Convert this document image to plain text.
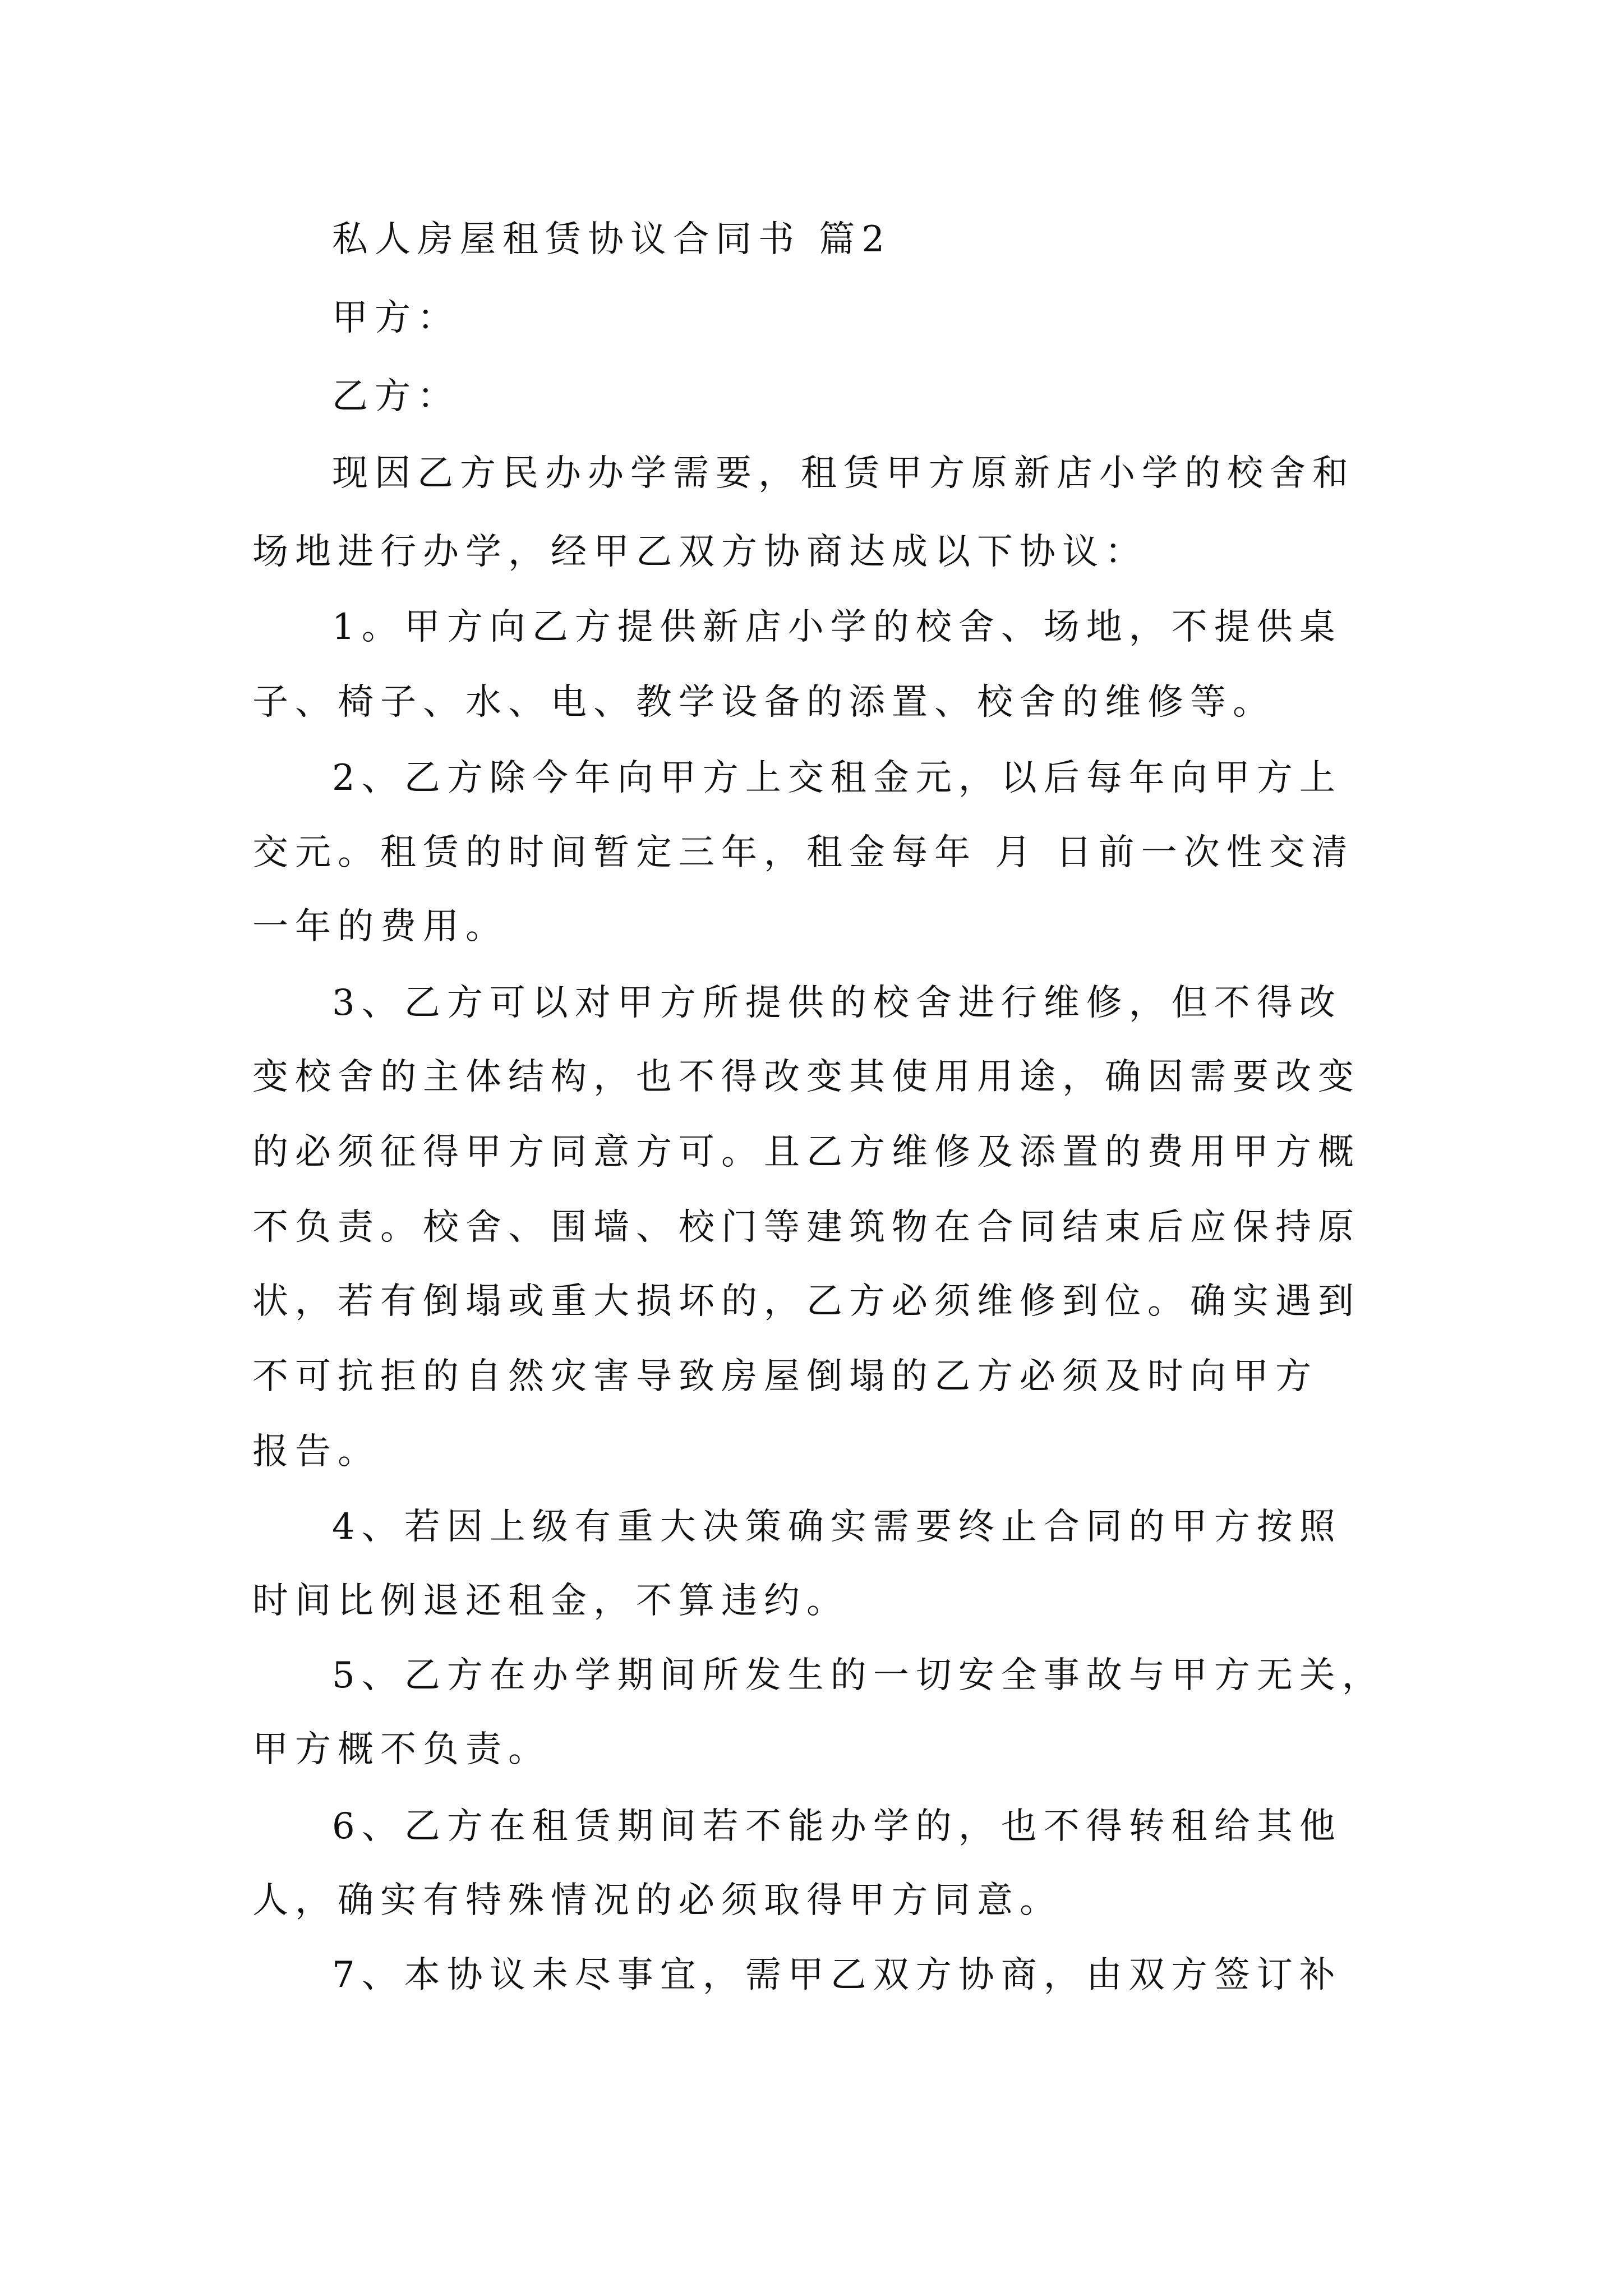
私人房屋租赁协议合同书 篇2
甲方：
乙方：
现因乙方民办办学需要，租赁甲方原新店小学的校舍和
场地进行办学，经甲乙双方协商达成以下协议：
1。甲方向乙方提供新店小学的校舍、场地，不提供桌
子、椅子、水、电、教学设备的添置、校舍的维修等。
2、乙方除今年向甲方上交租金元，以后每年向甲方上
交元。租赁的时间暂定三年，租金每年 月 日前一次性交清
一年的费用。
3、乙方可以对甲方所提供的校舍进行维修，但不得改
变校舍的主体结构，也不得改变其使用用途，确因需要改变
的必须征得甲方同意方可。且乙方维修及添置的费用甲方概
不负责。校舍、围墙、校门等建筑物在合同结束后应保持原
状，若有倒塌或重大损坏的，乙方必须维修到位。确实遇到
不可抗拒的自然灾害导致房屋倒塌的乙方必须及时向甲方
报告。
4、若因上级有重大决策确实需要终止合同的甲方按照
时间比例退还租金，不算违约。
5、乙方在办学期间所发生的一切安全事故与甲方无关，
甲方概不负责。
6、乙方在租赁期间若不能办学的，也不得转租给其他
人，确实有特殊情况的必须取得甲方同意。
7、本协议未尽事宜，需甲乙双方协商，由双方签订补
